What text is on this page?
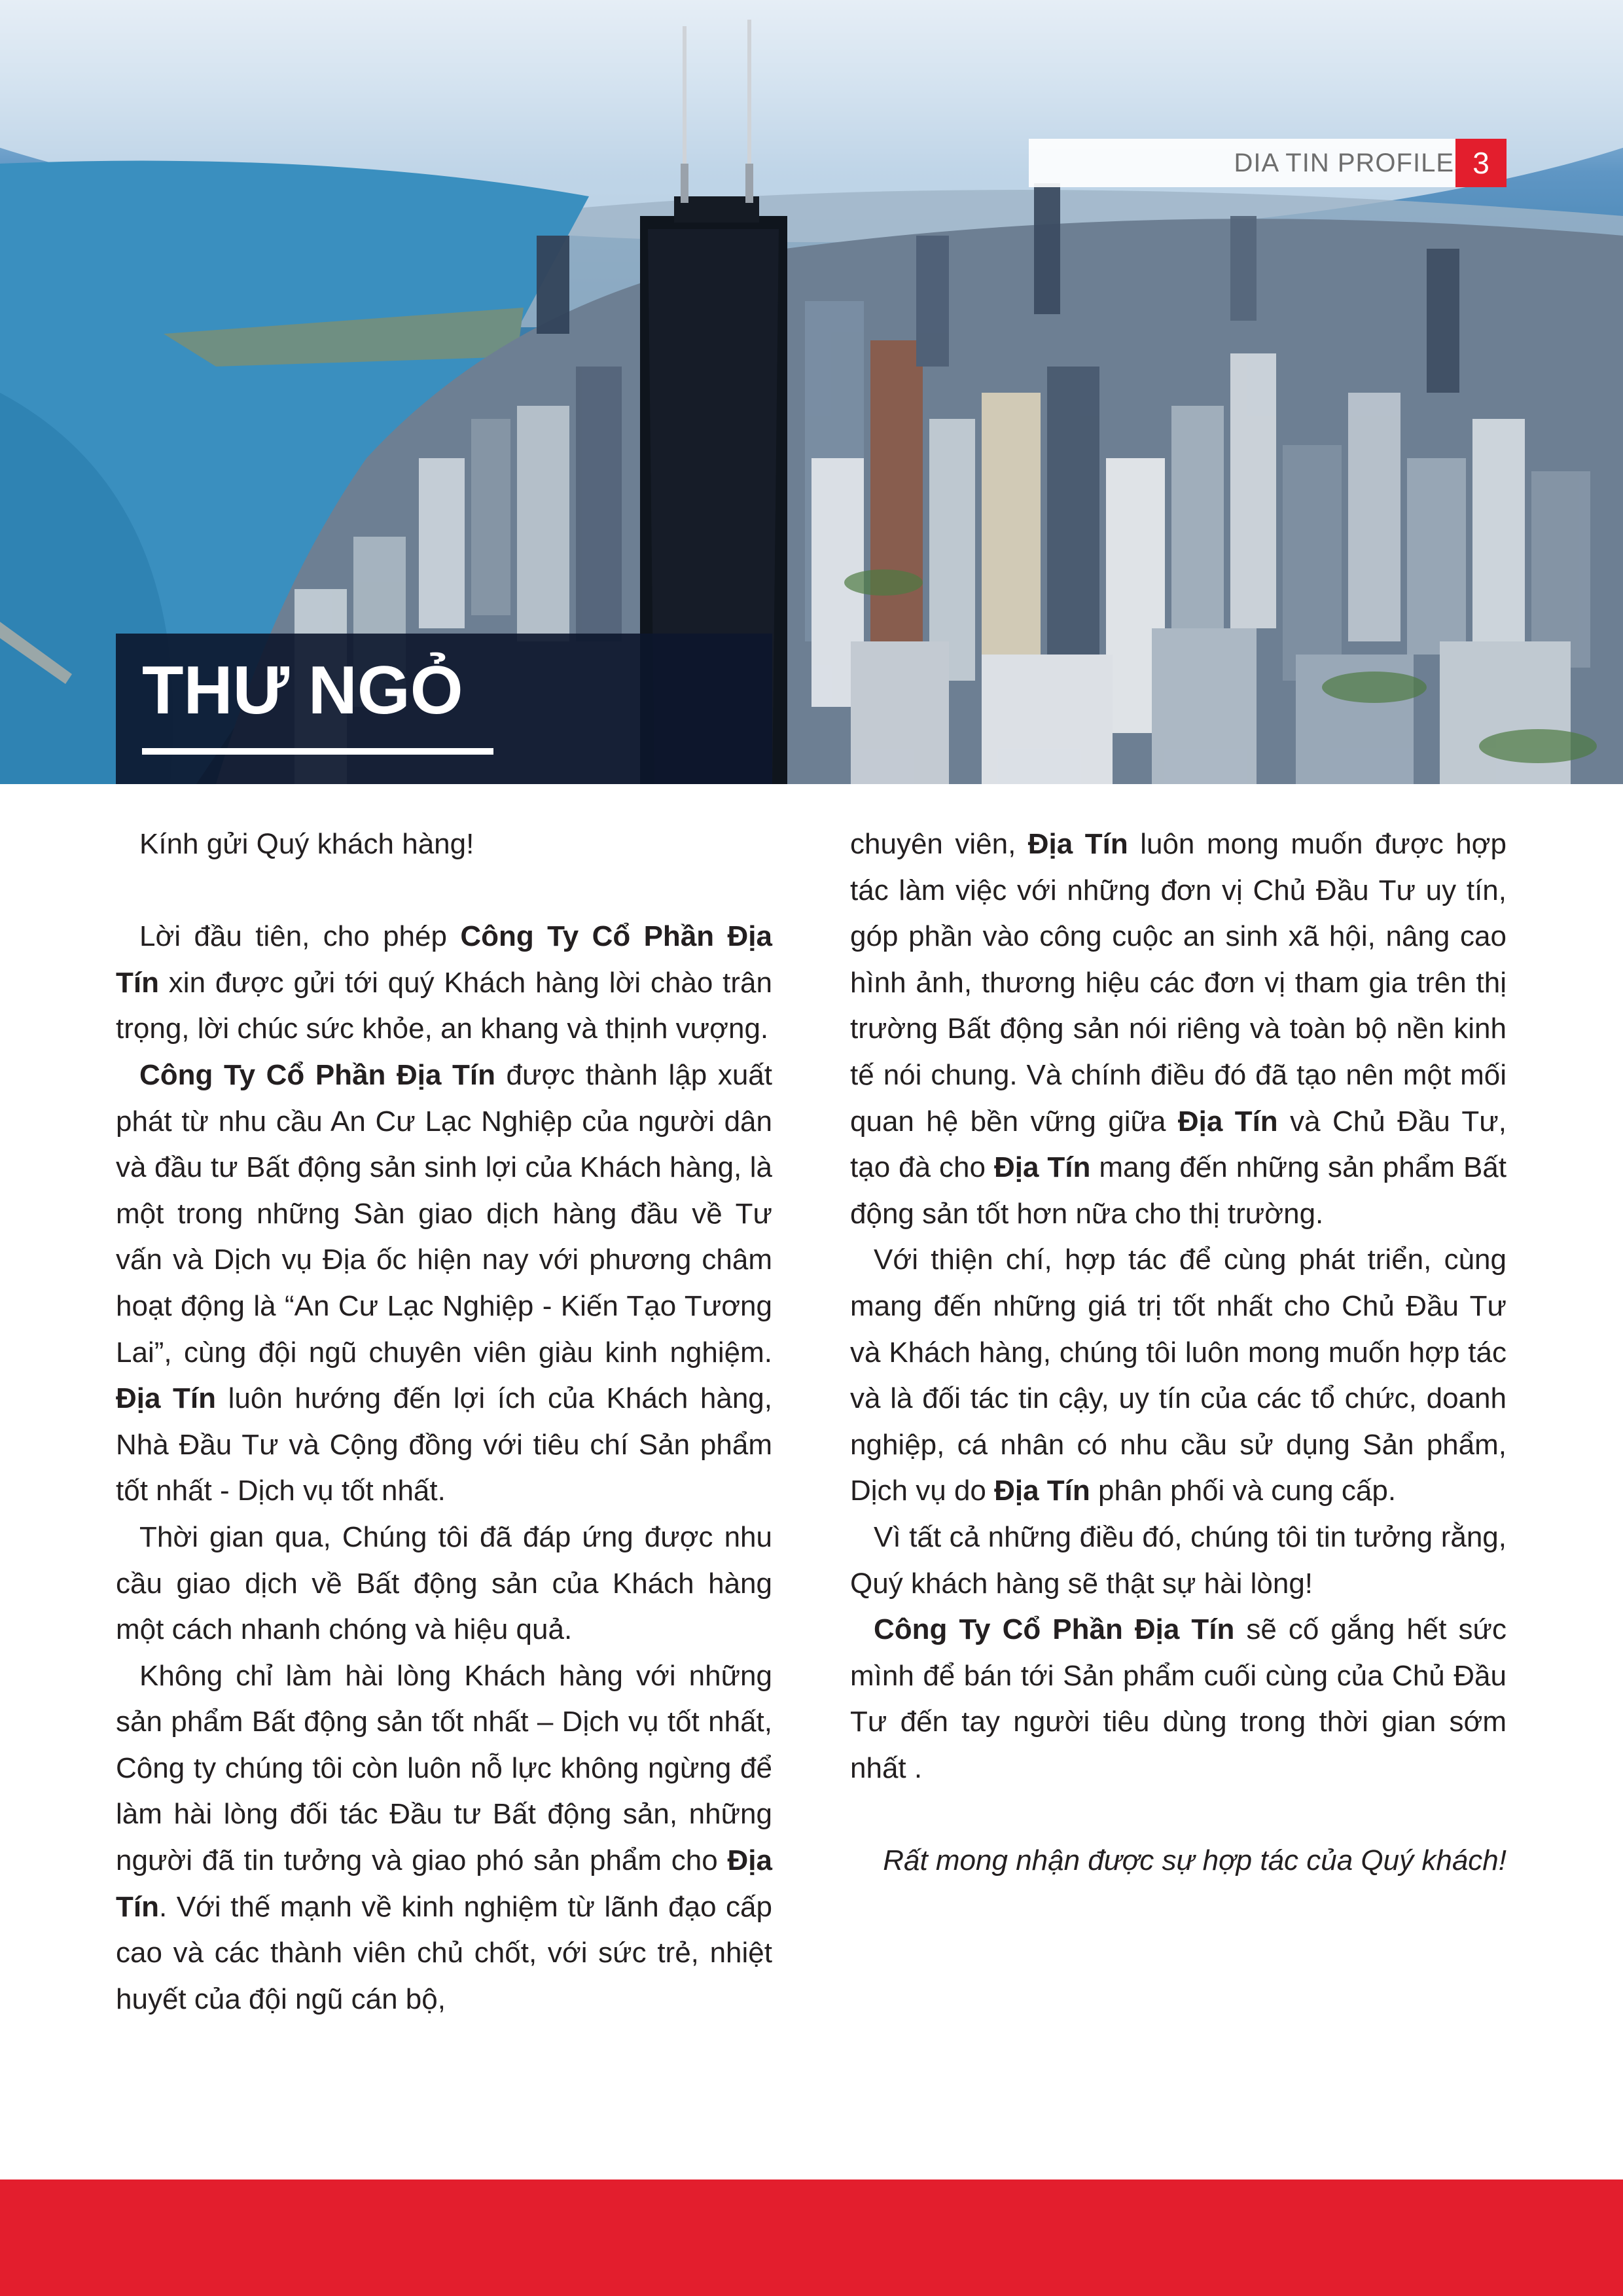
DIA TIN PROFILE 3
THƯ NGỎ

Kính gửi Quý khách hàng!

Lời đầu tiên, cho phép Công Ty Cổ Phần Địa Tín xin được gửi tới quý Khách hàng lời chào trân trọng, lời chúc sức khỏe, an khang và thịnh vượng.

Công Ty Cổ Phần Địa Tín được thành lập xuất phát từ nhu cầu An Cư Lạc Nghiệp của người dân và đầu tư Bất động sản sinh lợi của Khách hàng, là một trong những Sàn giao dịch hàng đầu về Tư vấn và Dịch vụ Địa ốc hiện nay với phương châm hoạt động là “An Cư Lạc Nghiệp - Kiến Tạo Tương Lai”, cùng đội ngũ chuyên viên giàu kinh nghiệm. Địa Tín luôn hướng đến lợi ích của Khách hàng, Nhà Đầu Tư và Cộng đồng với tiêu chí Sản phẩm tốt nhất - Dịch vụ tốt nhất.

Thời gian qua, Chúng tôi đã đáp ứng được nhu cầu giao dịch về Bất động sản của Khách hàng một cách nhanh chóng và hiệu quả.

Không chỉ làm hài lòng Khách hàng với những sản phẩm Bất động sản tốt nhất – Dịch vụ tốt nhất, Công ty chúng tôi còn luôn nỗ lực không ngừng để làm hài lòng đối tác Đầu tư Bất động sản, những người đã tin tưởng và giao phó sản phẩm cho Địa Tín. Với thế mạnh về kinh nghiệm từ lãnh đạo cấp cao và các thành viên chủ chốt, với sức trẻ, nhiệt huyết của đội ngũ cán bộ,

chuyên viên, Địa Tín luôn mong muốn được hợp tác làm việc với những đơn vị Chủ Đầu Tư uy tín, góp phần vào công cuộc an sinh xã hội, nâng cao hình ảnh, thương hiệu các đơn vị tham gia trên thị trường Bất động sản nói riêng và toàn bộ nền kinh tế nói chung. Và chính điều đó đã tạo nên một mối quan hệ bền vững giữa Địa Tín và Chủ Đầu Tư, tạo đà cho Địa Tín mang đến những sản phẩm Bất động sản tốt hơn nữa cho thị trường.

Với thiện chí, hợp tác để cùng phát triển, cùng mang đến những giá trị tốt nhất cho Chủ Đầu Tư và Khách hàng, chúng tôi luôn mong muốn hợp tác và là đối tác tin cậy, uy tín của các tổ chức, doanh nghiệp, cá nhân có nhu cầu sử dụng Sản phẩm, Dịch vụ do Địa Tín phân phối và cung cấp.

Vì tất cả những điều đó, chúng tôi tin tưởng rằng, Quý khách hàng sẽ thật sự hài lòng!

Công Ty Cổ Phần Địa Tín sẽ cố gắng hết sức mình để bán tới Sản phẩm cuối cùng của Chủ Đầu Tư đến tay người tiêu dùng trong thời gian sớm nhất .

Rất mong nhận được sự hợp tác của Quý khách!
